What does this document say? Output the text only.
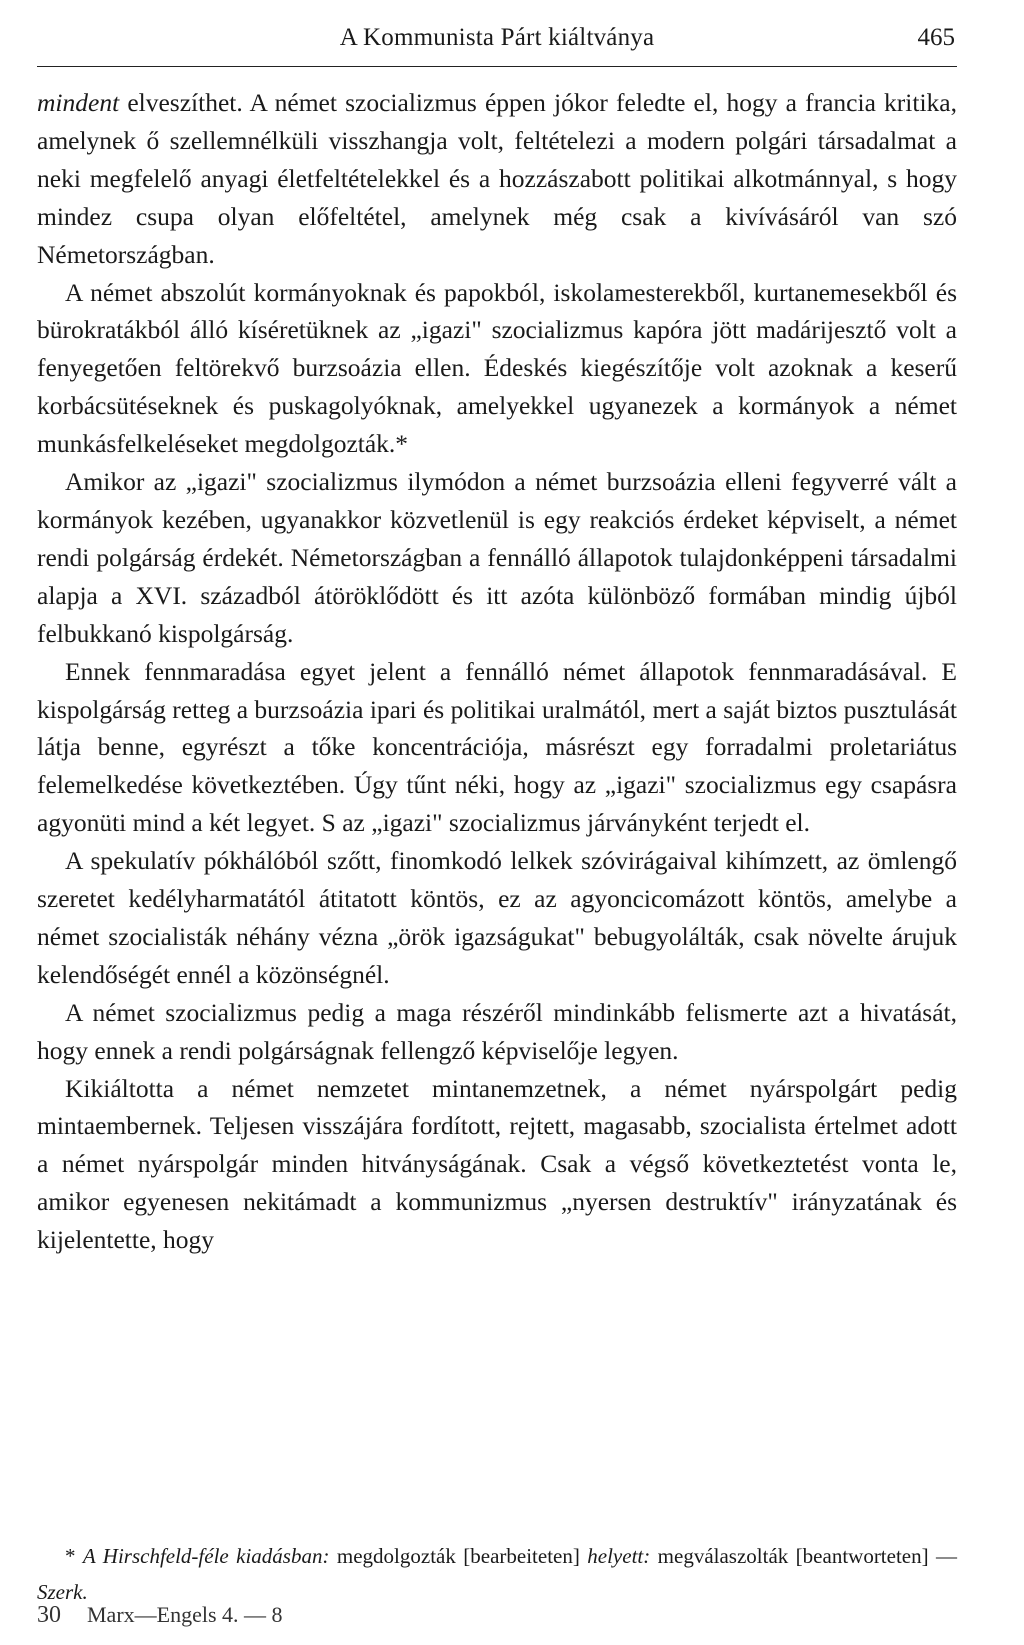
A Kommunista Párt kiáltványa	465

mindent elveszíthet. A német szocializmus éppen jókor feledte el, hogy a francia kritika, amelynek ő szellemnélküli visszhangja volt, feltételezi a modern polgári társadalmat a neki megfelelő anyagi életfeltételekkel és a hozzászabott politikai alkotmánnyal, s hogy mindez csupa olyan előfeltétel, amelynek még csak a kivívásáról van szó Németországban.

A német abszolút kormányoknak és papokból, iskolamesterekből, kurtanemesekből és bürokratákból álló kíséretüknek az „igazi" szocializmus kapóra jött madárijesztő volt a fenyegetően feltörekvő burzsoázia ellen. Édeskés kiegészítője volt azoknak a keserű korbácsütéseknek és puskagolyóknak, amelyekkel ugyanezek a kormányok a német munkásfelkeléseket megdolgozták.*

Amikor az „igazi" szocializmus ilymódon a német burzsoázia elleni fegyverré vált a kormányok kezében, ugyanakkor közvetlenül is egy reakciós érdeket képviselt, a német rendi polgárság érdekét. Németországban a fennálló állapotok tulajdonképpeni társadalmi alapja a XVI. századból átöröklődött és itt azóta különböző formában mindig újból felbukkanó kispolgárság.

Ennek fennmaradása egyet jelent a fennálló német állapotok fennmaradásával. E kispolgárság retteg a burzsoázia ipari és politikai uralmától, mert a saját biztos pusztulását látja benne, egyrészt a tőke koncentrációja, másrészt egy forradalmi proletariátus felemelkedése következtében. Úgy tűnt néki, hogy az „igazi" szocializmus egy csapásra agyonüti mind a két legyet. S az „igazi" szocializmus járványként terjedt el.

A spekulatív pókhálóból szőtt, finomkodó lelkek szóvirágaival kihímzett, az ömlengő szeretet kedélyharmatától átitatott köntös, ez az agyoncicomázott köntös, amelybe a német szocialisták néhány vézna „örök igazságukat" bebugyolálták, csak növelte árujuk kelendőségét ennél a közönségnél.

A német szocializmus pedig a maga részéről mindinkább felismerte azt a hivatását, hogy ennek a rendi polgárságnak fellengző képviselője legyen.

Kikiáltotta a német nemzetet mintanemzetnek, a német nyárspolgárt pedig mintaembernek. Teljesen visszájára fordított, rejtett, magasabb, szocialista értelmet adott a német nyárspolgár minden hitványságának. Csak a végső következtetést vonta le, amikor egyenesen nekitámadt a kommunizmus „nyersen destruktív" irányzatának és kijelentette, hogy

* A Hirschfeld-féle kiadásban: megdolgozták [bearbeiteten] helyett: megválaszolták [beantworteten] — Szerk.
30 Marx—Engels 4. — 8
